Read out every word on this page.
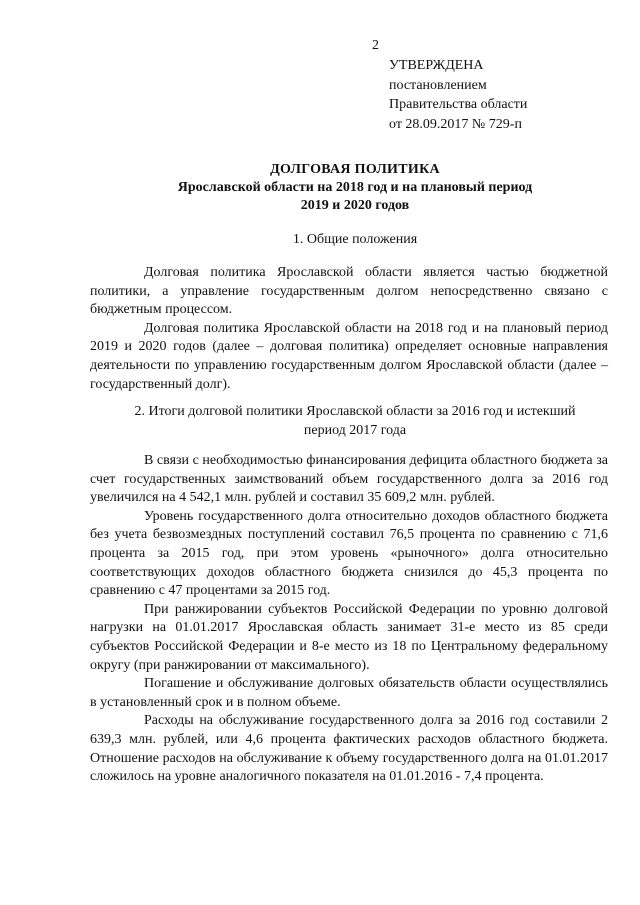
2
УТВЕРЖДЕНА
постановлением
Правительства области
от 28.09.2017 № 729-п
ДОЛГОВАЯ ПОЛИТИКА
Ярославской области на 2018 год и на плановый период
2019 и 2020 годов
1. Общие положения

Долговая политика Ярославской области является частью бюджетной политики, а управление государственным долгом непосредственно связано с бюджетным процессом.

Долговая политика Ярославской области на 2018 год и на плановый период 2019 и 2020 годов (далее – долговая политика) определяет основные направления деятельности по управлению государственным долгом Ярославской области (далее – государственный долг).

2. Итоги долговой политики Ярославской области за 2016 год и истекший
период 2017 года

В связи с необходимостью финансирования дефицита областного бюджета за счет государственных заимствований объем государственного долга за 2016 год увеличился на 4 542,1 млн. рублей и составил 35 609,2 млн. рублей.

Уровень государственного долга относительно доходов областного бюджета без учета безвозмездных поступлений составил 76,5 процента по сравнению с 71,6 процента за 2015 год, при этом уровень «рыночного» долга относительно соответствующих доходов областного бюджета снизился до 45,3 процента по сравнению с 47 процентами за 2015 год.

При ранжировании субъектов Российской Федерации по уровню долговой нагрузки на 01.01.2017 Ярославская область занимает 31-е место из 85 среди субъектов Российской Федерации и 8-е место из 18 по Центральному федеральному округу (при ранжировании от максимального).

Погашение и обслуживание долговых обязательств области осуществлялись в установленный срок и в полном объеме.

Расходы на обслуживание государственного долга за 2016 год составили 2 639,3 млн. рублей, или 4,6 процента фактических расходов областного бюджета. Отношение расходов на обслуживание к объему государственного долга на 01.01.2017 сложилось на уровне аналогичного показателя на 01.01.2016 - 7,4 процента.
